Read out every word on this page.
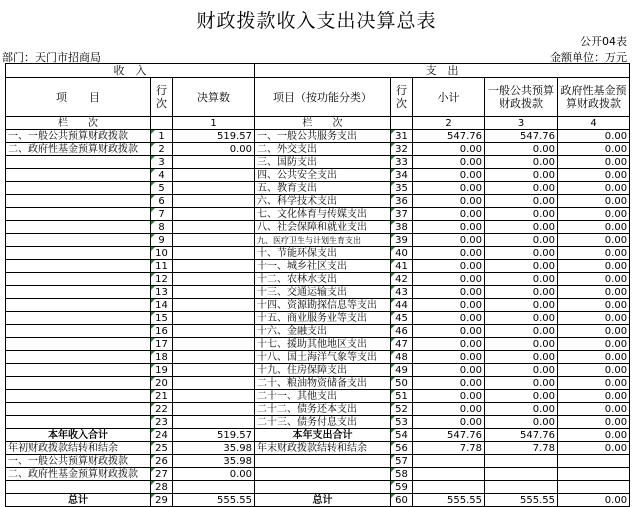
财政拨款收入支出决算总表
公开04表
部门：天门市招商局	金额单位：万元
收　入			支　出				
项　　目	行次	决算数	项目（按功能分类）	行次	小计	一般公共预算财政拨款	政府性基金预算财政拨款
栏　　次		1	栏　　次		2	3	4
一、一般公共预算财政拨款	1	519.57	一、一般公共服务支出	31	547.76	547.76	0.00
二、政府性基金预算财政拨款	2	0.00	二、外交支出	32	0.00	0.00	0.00
	3		三、国防支出	33	0.00	0.00	0.00
	4		四、公共安全支出	34	0.00	0.00	0.00
	5		五、教育支出	35	0.00	0.00	0.00
	6		六、科学技术支出	36	0.00	0.00	0.00
	7		七、文化体育与传媒支出	37	0.00	0.00	0.00
	8		八、社会保障和就业支出	38	0.00	0.00	0.00
	9		九、医疗卫生与计划生育支出	39	0.00	0.00	0.00
	10		十、节能环保支出	40	0.00	0.00	0.00
	11		十一、城乡社区支出	41	0.00	0.00	0.00
	12		十二、农林水支出	42	0.00	0.00	0.00
	13		十三、交通运输支出	43	0.00	0.00	0.00
	14		十四、资源勘探信息等支出	44	0.00	0.00	0.00
	15		十五、商业服务业等支出	45	0.00	0.00	0.00
	16		十六、金融支出	46	0.00	0.00	0.00
	17		十七、援助其他地区支出	47	0.00	0.00	0.00
	18		十八、国土海洋气象等支出	48	0.00	0.00	0.00
	19		十九、住房保障支出	49	0.00	0.00	0.00
	20		二十、粮油物资储备支出	50	0.00	0.00	0.00
	21		二十一、其他支出	51	0.00	0.00	0.00
	22		二十二、债务还本支出	52	0.00	0.00	0.00
	23		二十三、债务付息支出	53	0.00	0.00	0.00
本年收入合计	24	519.57	本年支出合计	54	547.76	547.76	0.00
年初财政拨款结转和结余	25	35.98	年末财政拨款结转和结余	56	7.78	7.78	0.00
一、一般公共预算财政拨款	26	35.98		57			
二、政府性基金预算财政拨款	27	0.00		58			
	28			59			
总计	29	555.55	总计	60	555.55	555.55	0.00
